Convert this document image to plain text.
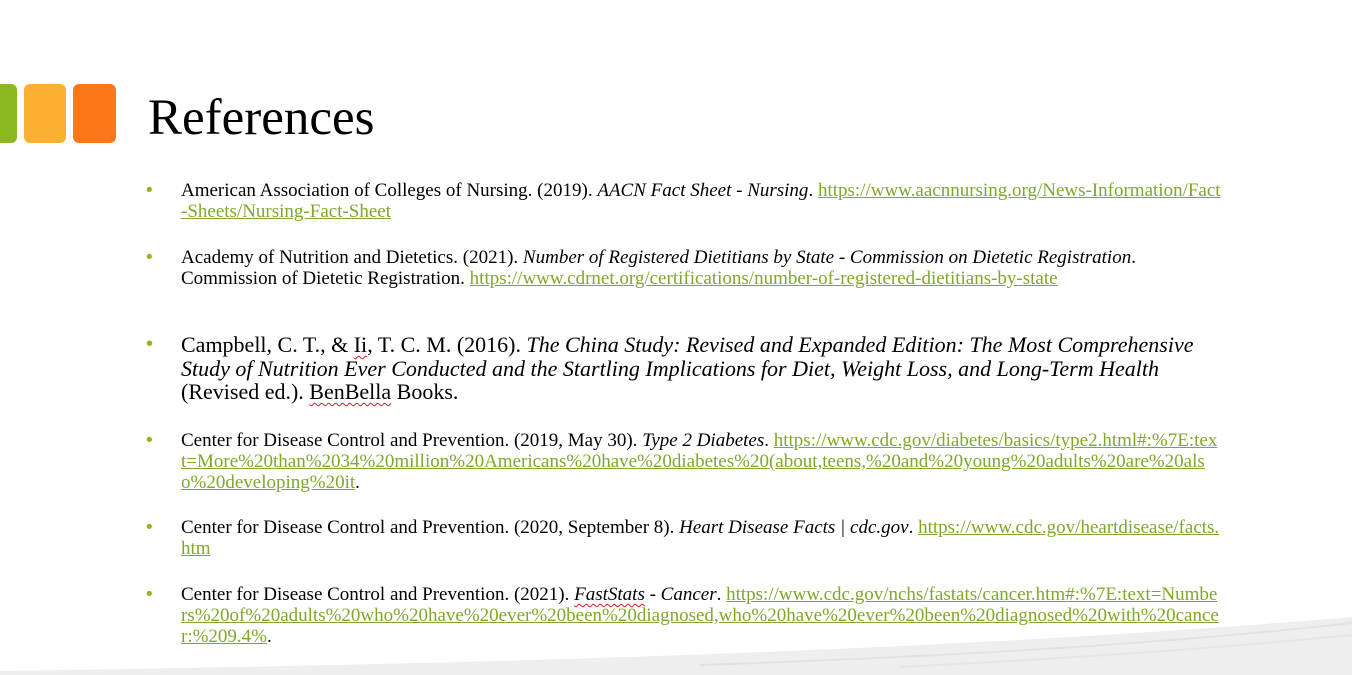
References
• American Association of Colleges of Nursing. (2019). AACN Fact Sheet - Nursing. https://www.aacnnursing.org/News-Information/Fact-Sheets/Nursing-Fact-Sheet
• Academy of Nutrition and Dietetics. (2021). Number of Registered Dietitians by State - Commission on Dietetic Registration. Commission of Dietetic Registration. https://www.cdrnet.org/certifications/number-of-registered-dietitians-by-state
• Campbell, C. T., & Ii, T. C. M. (2016). The China Study: Revised and Expanded Edition: The Most Comprehensive Study of Nutrition Ever Conducted and the Startling Implications for Diet, Weight Loss, and Long-Term Health (Revised ed.). BenBella Books.
• Center for Disease Control and Prevention. (2019, May 30). Type 2 Diabetes. https://www.cdc.gov/diabetes/basics/type2.html#:%7E:text=More%20than%2034%20million%20Americans%20have%20diabetes%20(about,teens,%20and%20young%20adults%20are%20also%20developing%20it.
• Center for Disease Control and Prevention. (2020, September 8). Heart Disease Facts | cdc.gov. https://www.cdc.gov/heartdisease/facts.htm
• Center for Disease Control and Prevention. (2021). FastStats - Cancer. https://www.cdc.gov/nchs/fastats/cancer.htm#:%7E:text=Numbers%20of%20adults%20who%20have%20ever%20been%20diagnosed,who%20have%20ever%20been%20diagnosed%20with%20cancer:%209.4%.
